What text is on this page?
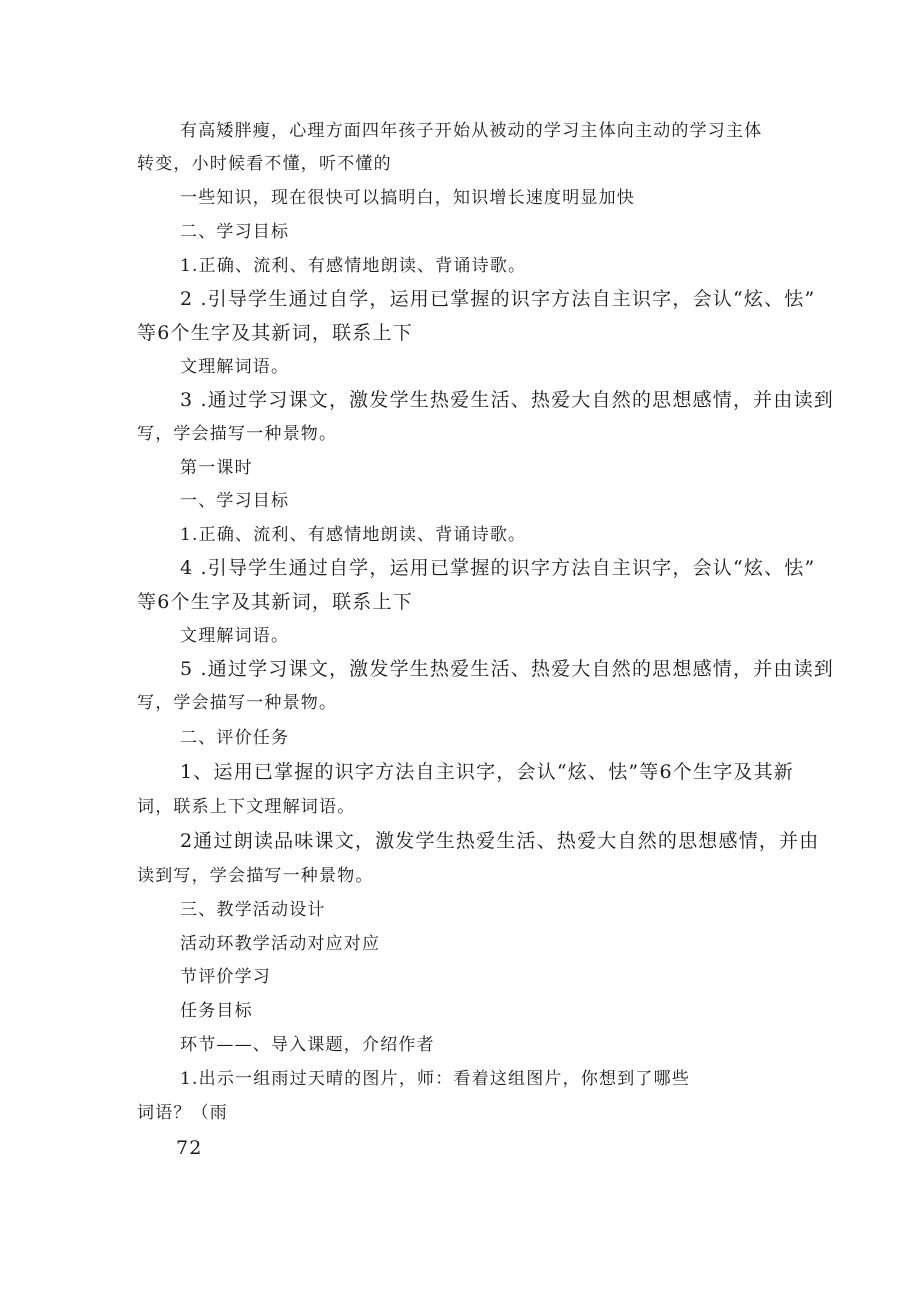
有高矮胖瘦，心理方面四年孩子开始从被动的学习主体向主动的学习主体
转变，小时候看不懂，听不懂的
一些知识，现在很快可以搞明白，知识增长速度明显加快
二、学习目标
1.正确、流利、有感情地朗读、背诵诗歌。
2 .引导学生通过自学，运用已掌握的识字方法自主识字，会认“炫、怯”
等6个生字及其新词，联系上下
文理解词语。
3 .通过学习课文，激发学生热爱生活、热爱大自然的思想感情，并由读到
写，学会描写一种景物。
第一课时
一、学习目标
1.正确、流利、有感情地朗读、背诵诗歌。
4 .引导学生通过自学，运用已掌握的识字方法自主识字，会认“炫、怯”
等6个生字及其新词，联系上下
文理解词语。
5 .通过学习课文，激发学生热爱生活、热爱大自然的思想感情，并由读到
写，学会描写一种景物。
二、评价任务
1、运用已掌握的识字方法自主识字，会认“炫、怯”等6个生字及其新
词，联系上下文理解词语。
2通过朗读品味课文，激发学生热爱生活、热爱大自然的思想感情，并由
读到写，学会描写一种景物。
三、教学活动设计
活动环教学活动对应对应
节评价学习
任务目标
环节——、导入课题，介绍作者
1.出示一组雨过天晴的图片，师：看着这组图片，你想到了哪些
词语？（雨
72
